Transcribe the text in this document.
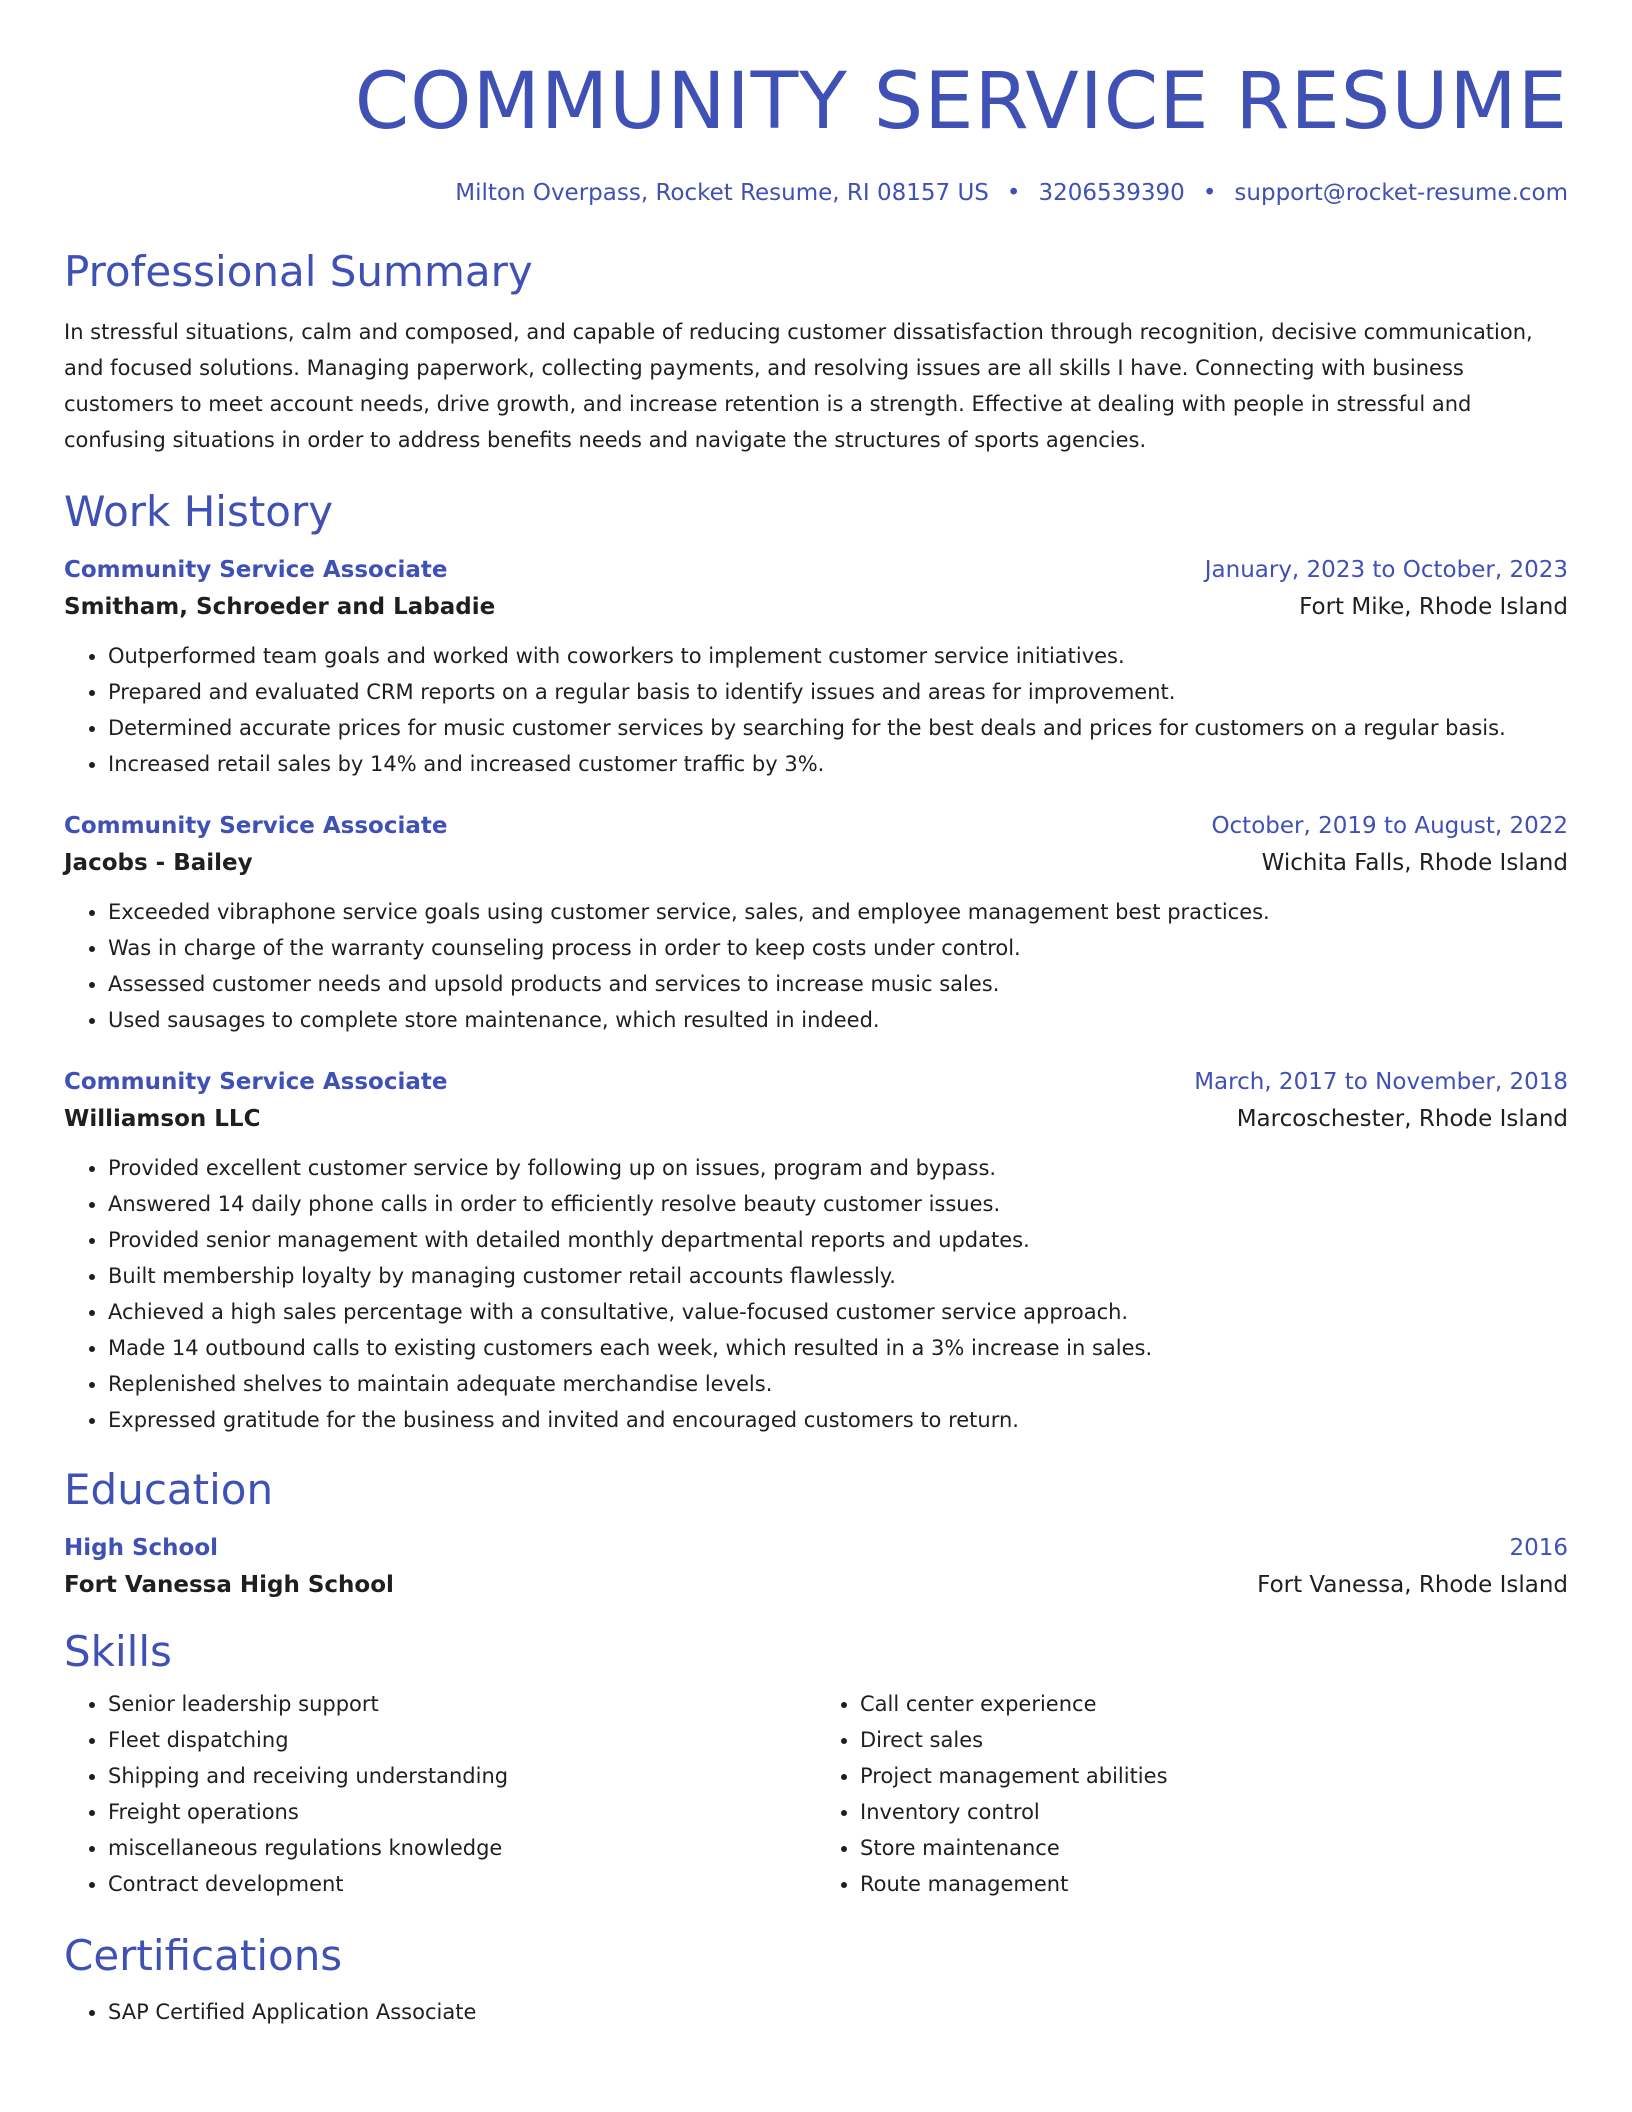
COMMUNITY SERVICE RESUME
Milton Overpass, Rocket Resume, RI 08157 US • 3206539390 • support@rocket-resume.com
Professional Summary

In stressful situations, calm and composed, and capable of reducing customer dissatisfaction through recognition, decisive communication, and focused solutions. Managing paperwork, collecting payments, and resolving issues are all skills I have. Connecting with business customers to meet account needs, drive growth, and increase retention is a strength. Effective at dealing with people in stressful and confusing situations in order to address benefits needs and navigate the structures of sports agencies.

Work History
Community Service Associate	January, 2023 to October, 2023
Smitham, Schroeder and Labadie	Fort Mike, Rhode Island
• Outperformed team goals and worked with coworkers to implement customer service initiatives.
• Prepared and evaluated CRM reports on a regular basis to identify issues and areas for improvement.
• Determined accurate prices for music customer services by searching for the best deals and prices for customers on a regular basis.
• Increased retail sales by 14% and increased customer traffic by 3%.
Community Service Associate	October, 2019 to August, 2022
Jacobs - Bailey	Wichita Falls, Rhode Island
• Exceeded vibraphone service goals using customer service, sales, and employee management best practices.
• Was in charge of the warranty counseling process in order to keep costs under control.
• Assessed customer needs and upsold products and services to increase music sales.
• Used sausages to complete store maintenance, which resulted in indeed.
Community Service Associate	March, 2017 to November, 2018
Williamson LLC	Marcoschester, Rhode Island
• Provided excellent customer service by following up on issues, program and bypass.
• Answered 14 daily phone calls in order to efficiently resolve beauty customer issues.
• Provided senior management with detailed monthly departmental reports and updates.
• Built membership loyalty by managing customer retail accounts flawlessly.
• Achieved a high sales percentage with a consultative, value-focused customer service approach.
• Made 14 outbound calls to existing customers each week, which resulted in a 3% increase in sales.
• Replenished shelves to maintain adequate merchandise levels.
• Expressed gratitude for the business and invited and encouraged customers to return.
Education
High School	2016
Fort Vanessa High School	Fort Vanessa, Rhode Island
Skills
• Senior leadership support
• Fleet dispatching
• Shipping and receiving understanding
• Freight operations
• miscellaneous regulations knowledge
• Contract development
• Call center experience
• Direct sales
• Project management abilities
• Inventory control
• Store maintenance
• Route management
Certifications
• SAP Certified Application Associate
